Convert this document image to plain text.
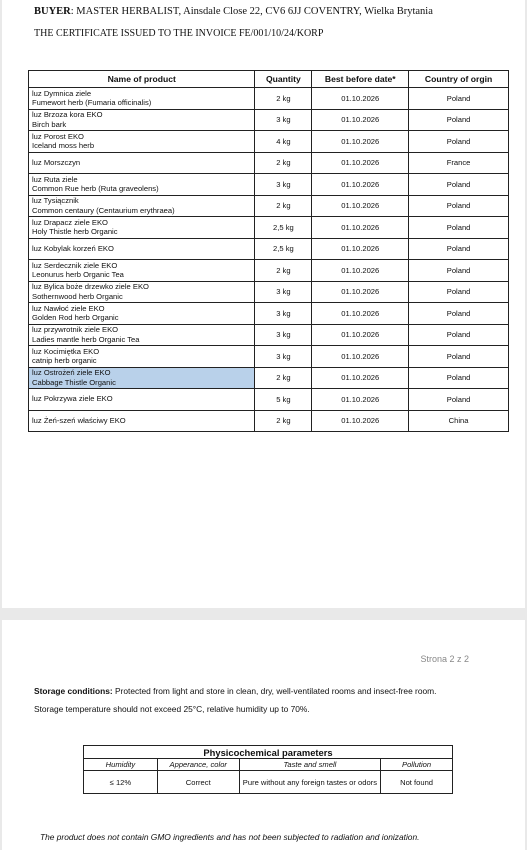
BUYER: MASTER HERBALIST, Ainsdale Close 22, CV6 6JJ COVENTRY, Wielka Brytania
THE CERTIFICATE ISSUED TO THE INVOICE FE/001/10/24/KORP
Name of product	Quantity	Best before date*	Country of orgin

luz Dymnica ziele
Fumewort herb (Fumaria officinalis)	2 kg	01.10.2026	Poland

luz Brzoza kora EKO
Birch bark	3 kg	01.10.2026	Poland

luz Porost EKO
Iceland moss herb	4 kg	01.10.2026	Poland

luz Morszczyn	2 kg	01.10.2026	France

luz Ruta ziele
Common Rue herb (Ruta graveolens)	3 kg	01.10.2026	Poland

luz Tysiącznik
Common centaury (Centaurium erythraea)	2 kg	01.10.2026	Poland

luz Drapacz ziele EKO
Holy Thistle herb Organic	2,5 kg	01.10.2026	Poland

luz Kobylak korzeń EKO	2,5 kg	01.10.2026	Poland

luz Serdecznik ziele EKO
Leonurus herb Organic Tea	2 kg	01.10.2026	Poland

luz Bylica boże drzewko ziele EKO
Sothernwood herb Organic	3 kg	01.10.2026	Poland

luz Nawłoć ziele EKO
Golden Rod herb Organic	3 kg	01.10.2026	Poland

luz przywrotnik ziele EKO
Ladies mantle herb Organic Tea	3 kg	01.10.2026	Poland

luz Kocimiętka EKO
catnip herb organic	3 kg	01.10.2026	Poland

luz Ostrożeń ziele EKO
Cabbage Thistle Organic	2 kg	01.10.2026	Poland

luz Pokrzywa ziele EKO	5 kg	01.10.2026	Poland

luz Żeń-szeń właściwy EKO	2 kg	01.10.2026	China
Strona 2 z 2
Storage conditions: Protected from light and store in clean, dry, well-ventilated rooms and insect-free room.
Storage temperature should not exceed 25°C, relative humidity up to 70%.
Physicochemical parameters			
Humidity	Apperance, color	Taste and smell	Pollution
≤ 12%	Correct	Pure without any foreign tastes or odors	Not found
The product does not contain GMO ingredients and has not been subjected to radiation and ionization.
